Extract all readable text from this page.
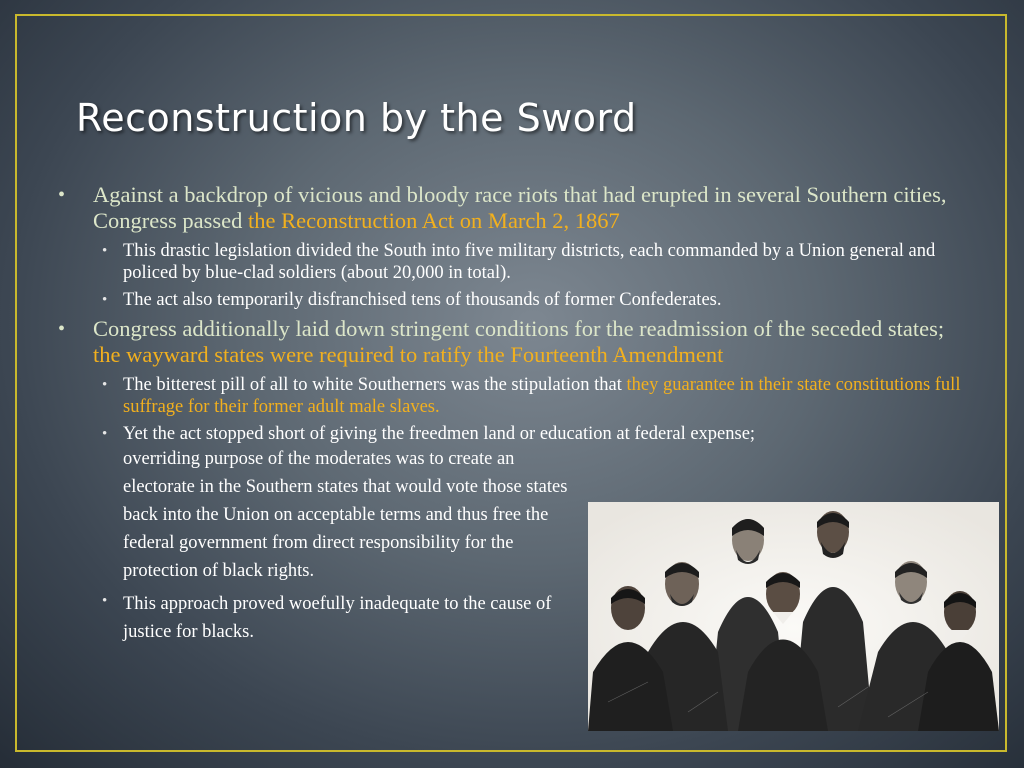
Reconstruction by the Sword
• Against a backdrop of vicious and bloody race riots that had erupted in several Southern cities, Congress passed the Reconstruction Act on March 2, 1867
• This drastic legislation divided the South into five military districts, each commanded by a Union general and policed by blue-clad soldiers (about 20,000 in total).
• The act also temporarily disfranchised tens of thousands of former Confederates.
• Congress additionally laid down stringent conditions for the readmission of the seceded states; the wayward states were required to ratify the Fourteenth Amendment
• The bitterest pill of all to white Southerners was the stipulation that they guarantee in their state constitutions full suffrage for their former adult male slaves.
• Yet the act stopped short of giving the freedmen land or education at federal expense;
overriding purpose of the moderates was to create an electorate in the Southern states that would vote those states back into the Union on acceptable terms and thus free the federal government from direct responsibility for the protection of black rights.
• This approach proved woefully inadequate to the cause of justice for blacks.
